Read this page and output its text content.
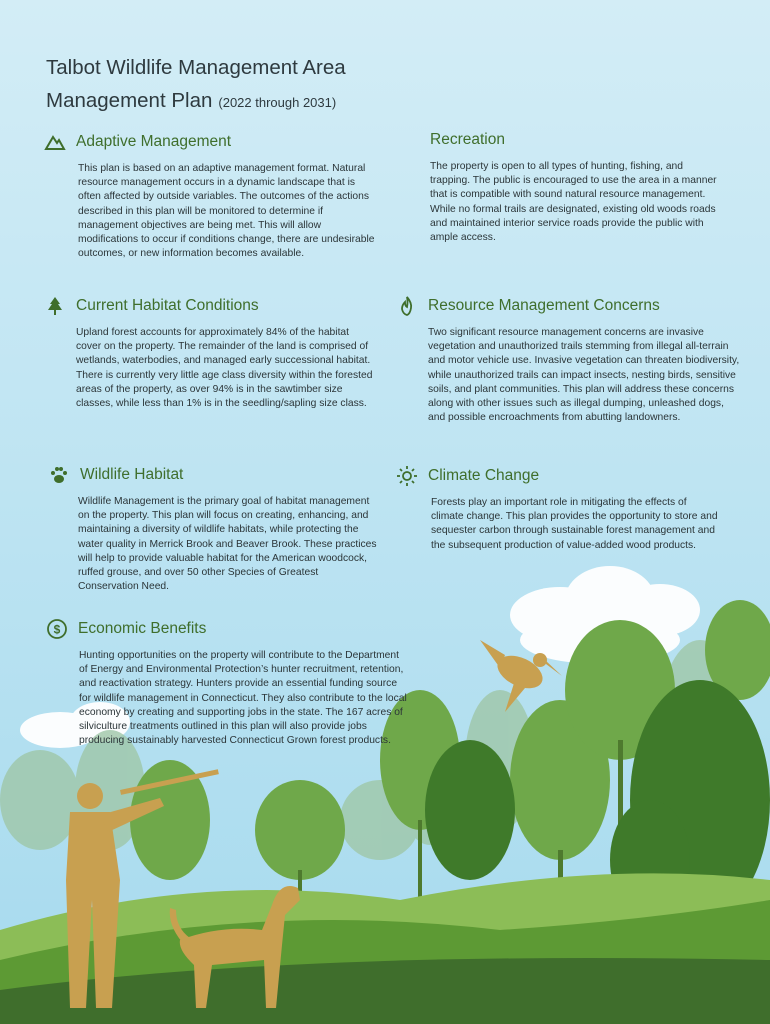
Talbot Wildlife Management Area
Management Plan (2022 through 2031)
Adaptive Management
This plan is based on an adaptive management format. Natural resource management occurs in a dynamic landscape that is often affected by outside variables. The outcomes of the actions described in this plan will be monitored to determine if management objectives are being met. This will allow modifications to occur if conditions change, there are undesirable outcomes, or new information becomes available.
Recreation
The property is open to all types of hunting, fishing, and trapping. The public is encouraged to use the area in a manner that is compatible with sound natural resource management. While no formal trails are designated, existing old woods roads and maintained interior service roads provide the public with ample access.
Current Habitat Conditions
Upland forest accounts for approximately 84% of the habitat cover on the property. The remainder of the land is comprised of wetlands, waterbodies, and managed early successional habitat. There is currently very little age class diversity within the forested areas of the property, as over 94% is in the sawtimber size classes, while less than 1% is in the seedling/sapling size class.
Resource Management Concerns
Two significant resource management concerns are invasive vegetation and unauthorized trails stemming from illegal all-terrain and motor vehicle use. Invasive vegetation can threaten biodiversity, while unauthorized trails can impact insects, nesting birds, sensitive soils, and plant communities. This plan will address these concerns along with other issues such as illegal dumping, unleashed dogs, and possible encroachments from abutting landowners.
Wildlife Habitat
Wildlife Management is the primary goal of habitat management on the property. This plan will focus on creating, enhancing, and maintaining a diversity of wildlife habitats, while protecting the water quality in Merrick Brook and Beaver Brook. These practices will help to provide valuable habitat for the American woodcock, ruffed grouse, and over 50 other Species of Greatest Conservation Need.
Climate Change
Forests play an important role in mitigating the effects of climate change. This plan provides the opportunity to store and sequester carbon through sustainable forest management and the subsequent production of value-added wood products.
$ Economic Benefits
Hunting opportunities on the property will contribute to the Department of Energy and Environmental Protection’s hunter recruitment, retention, and reactivation strategy. Hunters provide an essential funding source for wildlife management in Connecticut. They also contribute to the local economy by creating and supporting jobs in the state. The 167 acres of silviculture treatments outlined in this plan will also provide jobs producing sustainably harvested Connecticut Grown forest products.
